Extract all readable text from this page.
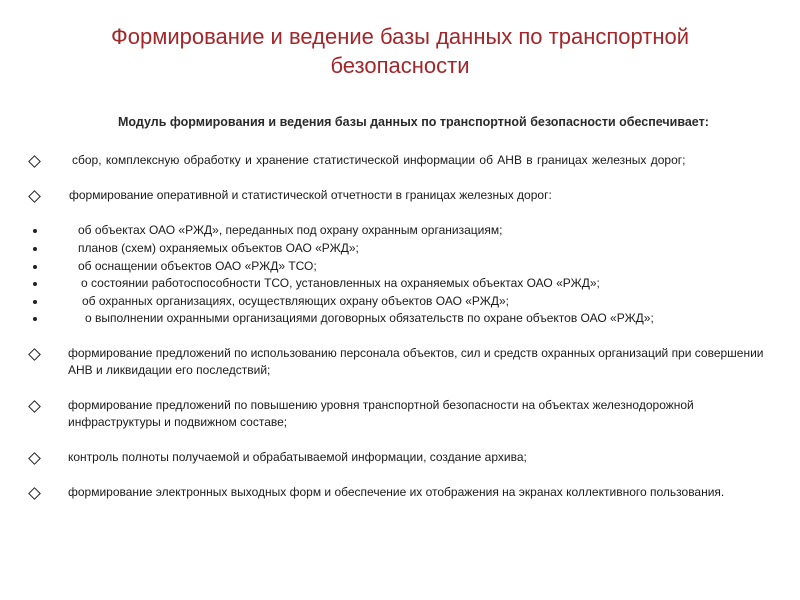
Формирование и ведение базы данных по транспортной
безопасности
Модуль формирования и ведения базы данных по транспортной безопасности обеспечивает:
сбор, комплексную обработку и хранение статистической информации об АНВ в границах железных дорог;
формирование оперативной и статистической отчетности в границах железных дорог:
об объектах ОАО «РЖД», переданных под охрану охранным организациям;
планов (схем) охраняемых объектов ОАО «РЖД»;
об оснащении объектов ОАО «РЖД» ТСО;
о состоянии работоспособности ТСО, установленных на охраняемых объектах ОАО «РЖД»;
об охранных организациях, осуществляющих охрану объектов ОАО «РЖД»;
о выполнении охранными организациями договорных обязательств по охране объектов ОАО «РЖД»;
формирование предложений по использованию персонала объектов, сил и средств охранных организаций при совершении
АНВ и ликвидации его последствий;
формирование предложений по повышению уровня транспортной безопасности на объектах железнодорожной
инфраструктуры и подвижном составе;
контроль полноты получаемой и обрабатываемой информации, создание архива;
формирование электронных выходных форм и обеспечение их отображения на экранах коллективного пользования.
